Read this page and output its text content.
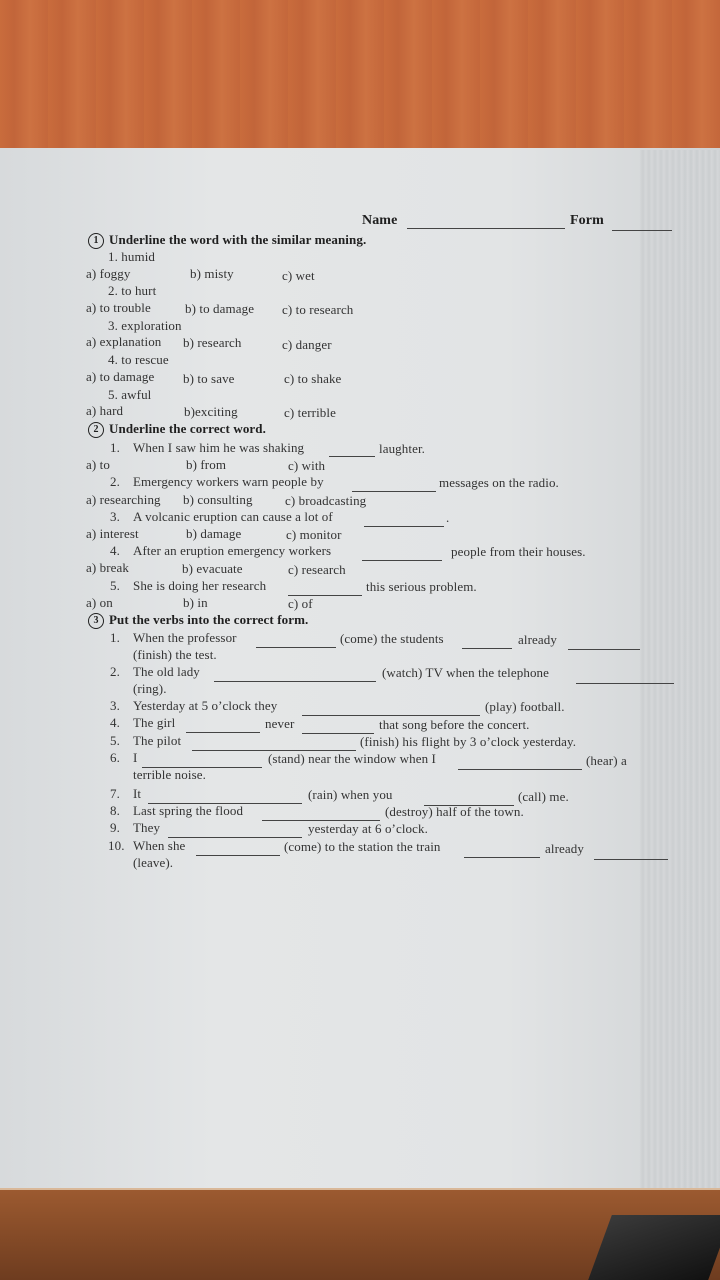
Name	Form
1 Underline the word with the similar meaning.
1. humid
a) foggy	b) misty	c) wet
2. to hurt
a) to trouble	b) to damage c) to research
3. exploration
a) explanation b) research	c) danger
4. to rescue
a) to damage b) to save	c) to shake
5. awful
a) hard	b)exciting	c) terrible
2 Underline the correct word.
1. When I saw him he was shaking	laughter.
a) to	b) from	c) with
2. Emergency workers warn people by	messages on the radio.
a) researching b) consulting c) broadcasting
3. A volcanic eruption can cause a lot of	.
a) interest	b) damage	c) monitor
4. After an eruption emergency workers	people from their houses.
a) break	b) evacuate	c) research
5. She is doing her research	this serious problem.
a) on	b) in	c) of
3 Put the verbs into the correct form.
1. When the professor	(come) the students	already
(finish) the test.
2. The old lady	(watch) TV when the telephone
(ring).
3. Yesterday at 5 o’clock they	(play) football.
4. The girl	never	that song before the concert.
5. The pilot	(finish) his flight by 3 o’clock yesterday.
6. I	(stand) near the window when I	(hear) a
terrible noise.
7. It	(rain) when you	(call) me.
8. Last spring the flood	(destroy) half of the town.
9. They	yesterday at 6 o’clock.
10. When she	(come) to the station the train	already
(leave).
